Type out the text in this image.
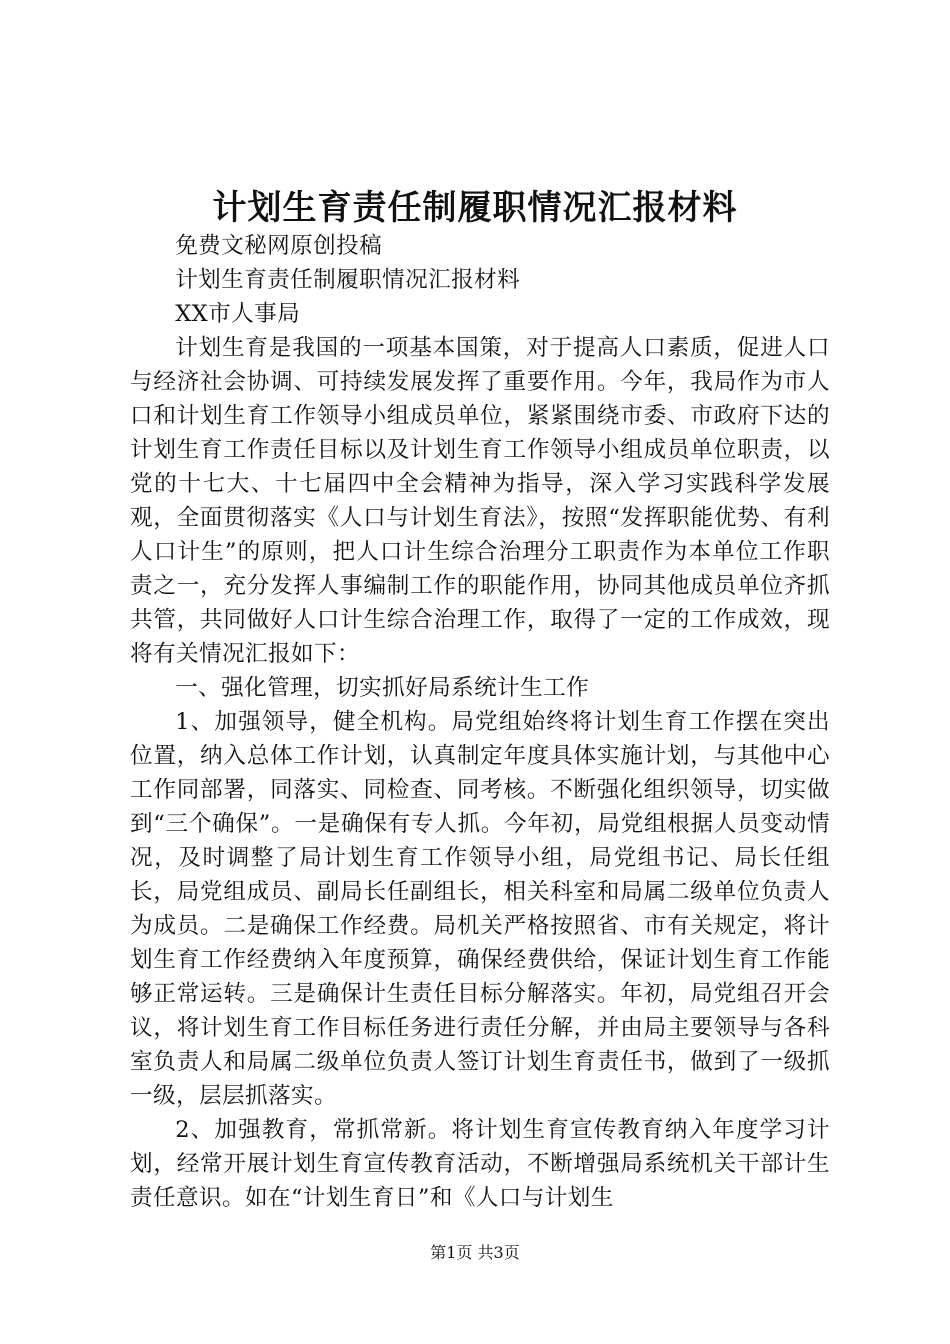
计划生育责任制履职情况汇报材料

免费文秘网原创投稿

计划生育责任制履职情况汇报材料

XX市人事局

计划生育是我国的一项基本国策，对于提高人口素质，促进人口与经济社会协调、可持续发展发挥了重要作用。今年，我局作为市人口和计划生育工作领导小组成员单位，紧紧围绕市委、市政府下达的计划生育工作责任目标以及计划生育工作领导小组成员单位职责，以党的十七大、十七届四中全会精神为指导，深入学习实践科学发展观，全面贯彻落实《人口与计划生育法》，按照“发挥职能优势、有利人口计生”的原则，把人口计生综合治理分工职责作为本单位工作职责之一，充分发挥人事编制工作的职能作用，协同其他成员单位齐抓共管，共同做好人口计生综合治理工作，取得了一定的工作成效，现将有关情况汇报如下：

一、强化管理，切实抓好局系统计生工作

1、加强领导，健全机构。局党组始终将计划生育工作摆在突出位置，纳入总体工作计划，认真制定年度具体实施计划，与其他中心工作同部署，同落实、同检查、同考核。不断强化组织领导，切实做到“三个确保”。一是确保有专人抓。今年初，局党组根据人员变动情况，及时调整了局计划生育工作领导小组，局党组书记、局长任组长，局党组成员、副局长任副组长，相关科室和局属二级单位负责人为成员。二是确保工作经费。局机关严格按照省、市有关规定，将计划生育工作经费纳入年度预算，确保经费供给，保证计划生育工作能够正常运转。三是确保计生责任目标分解落实。年初，局党组召开会议，将计划生育工作目标任务进行责任分解，并由局主要领导与各科室负责人和局属二级单位负责人签订计划生育责任书，做到了一级抓一级，层层抓落实。

2、加强教育，常抓常新。将计划生育宣传教育纳入年度学习计划，经常开展计划生育宣传教育活动，不断增强局系统机关干部计生责任意识。如在“计划生育日”和《人口与计划生

第1页 共3页
